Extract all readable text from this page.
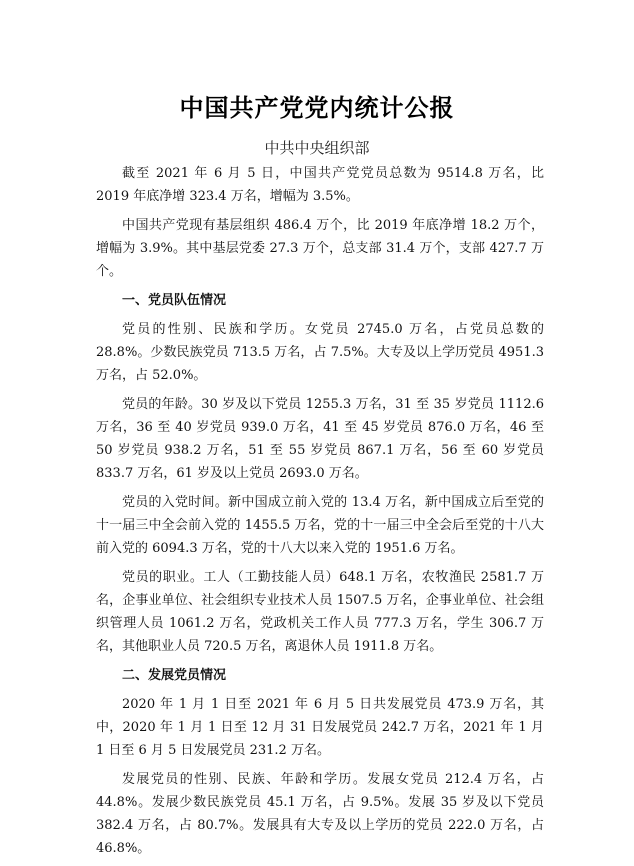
中国共产党党内统计公报
中共中央组织部

截至 2021 年 6 月 5 日，中国共产党党员总数为 9514.8 万名，比 2019 年底净增 323.4 万名，增幅为 3.5%。

中国共产党现有基层组织 486.4 万个，比 2019 年底净增 18.2 万个，增幅为 3.9%。其中基层党委 27.3 万个，总支部 31.4 万个，支部 427.7 万个。

一、党员队伍情况

党员的性别、民族和学历。女党员 2745.0 万名，占党员总数的 28.8%。少数民族党员 713.5 万名，占 7.5%。大专及以上学历党员 4951.3 万名，占 52.0%。

党员的年龄。30 岁及以下党员 1255.3 万名，31 至 35 岁党员 1112.6 万名，36 至 40 岁党员 939.0 万名，41 至 45 岁党员 876.0 万名，46 至 50 岁党员 938.2 万名，51 至 55 岁党员 867.1 万名，56 至 60 岁党员 833.7 万名，61 岁及以上党员 2693.0 万名。

党员的入党时间。新中国成立前入党的 13.4 万名，新中国成立后至党的十一届三中全会前入党的 1455.5 万名，党的十一届三中全会后至党的十八大前入党的 6094.3 万名，党的十八大以来入党的 1951.6 万名。

党员的职业。工人（工勤技能人员）648.1 万名，农牧渔民 2581.7 万名，企事业单位、社会组织专业技术人员 1507.5 万名，企事业单位、社会组织管理人员 1061.2 万名，党政机关工作人员 777.3 万名，学生 306.7 万名，其他职业人员 720.5 万名，离退休人员 1911.8 万名。

二、发展党员情况

2020 年 1 月 1 日至 2021 年 6 月 5 日共发展党员 473.9 万名，其中，2020 年 1 月 1 日至 12 月 31 日发展党员 242.7 万名，2021 年 1 月 1 日至 6 月 5 日发展党员 231.2 万名。

发展党员的性别、民族、年龄和学历。发展女党员 212.4 万名，占 44.8%。发展少数民族党员 45.1 万名，占 9.5%。发展 35 岁及以下党员 382.4 万名，占 80.7%。发展具有大专及以上学历的党员 222.0 万名，占 46.8%。
